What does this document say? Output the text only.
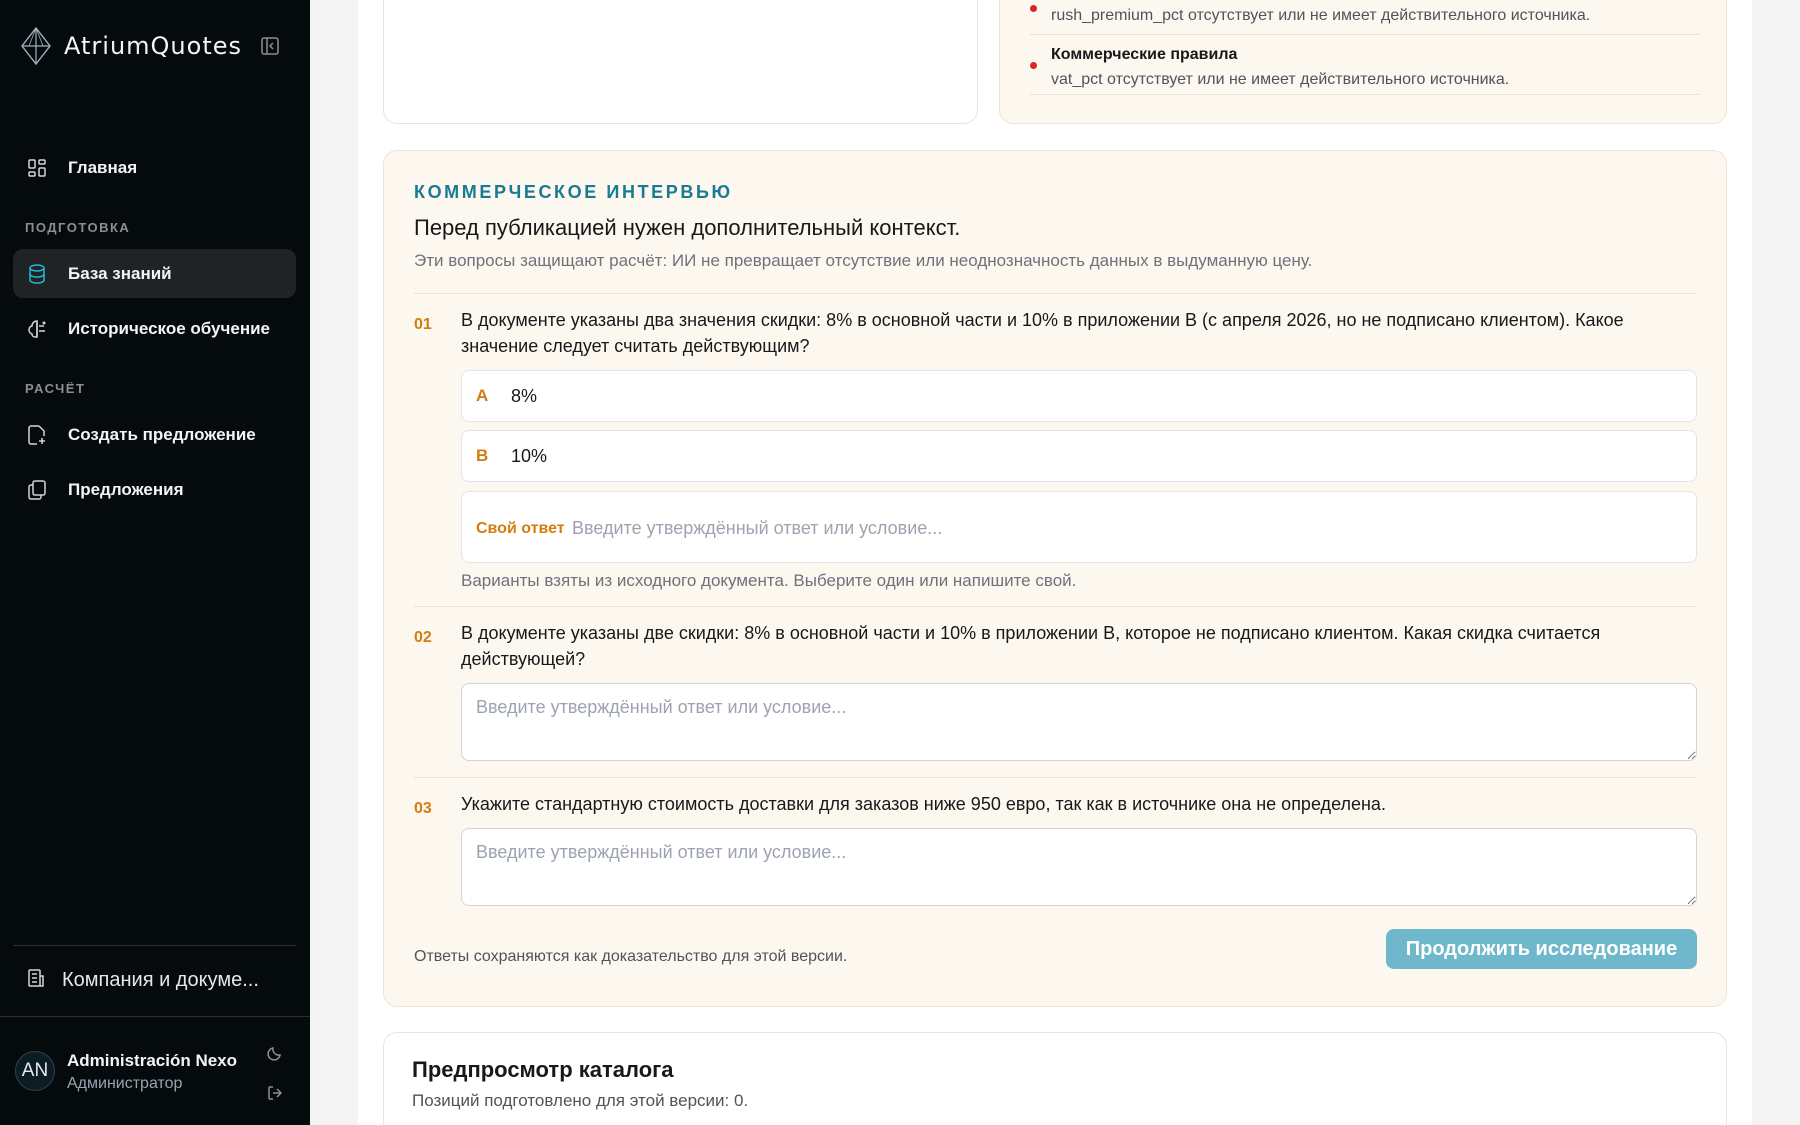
AtriumQuotes
Главная
ПОДГОТОВКА
База знаний
Историческое обучение
РАСЧЁТ
Создать предложение
Предложения
Компания и докуме...
AN	Administración Nexo
Администратор
rush_premium_pct отсутствует или не имеет действительного источника.
Коммерческие правила
vat_pct отсутствует или не имеет действительного источника.
КОММЕРЧЕСКОЕ ИНТЕРВЬЮ
Перед публикацией нужен дополнительный контекст.
Эти вопросы защищают расчёт: ИИ не превращает отсутствие или неоднозначность данных в выдуманную цену.
01 В документе указаны два значения скидки: 8% в основной части и 10% в приложении B (с апреля 2026, но не подписано клиентом). Какое значение следует считать действующим?
A 8%
B 10%
Свой ответ
Введите утверждённый ответ или условие...
Варианты взяты из исходного документа. Выберите один или напишите свой.
02 В документе указаны две скидки: 8% в основной части и 10% в приложении B, которое не подписано клиентом. Какая скидка считается действующей?
Введите утверждённый ответ или условие...
03 Укажите стандартную стоимость доставки для заказов ниже 950 евро, так как в источнике она не определена.
Введите утверждённый ответ или условие...
Ответы сохраняются как доказательство для этой версии.	Продолжить исследование
Предпросмотр каталога
Позиций подготовлено для этой версии: 0.
